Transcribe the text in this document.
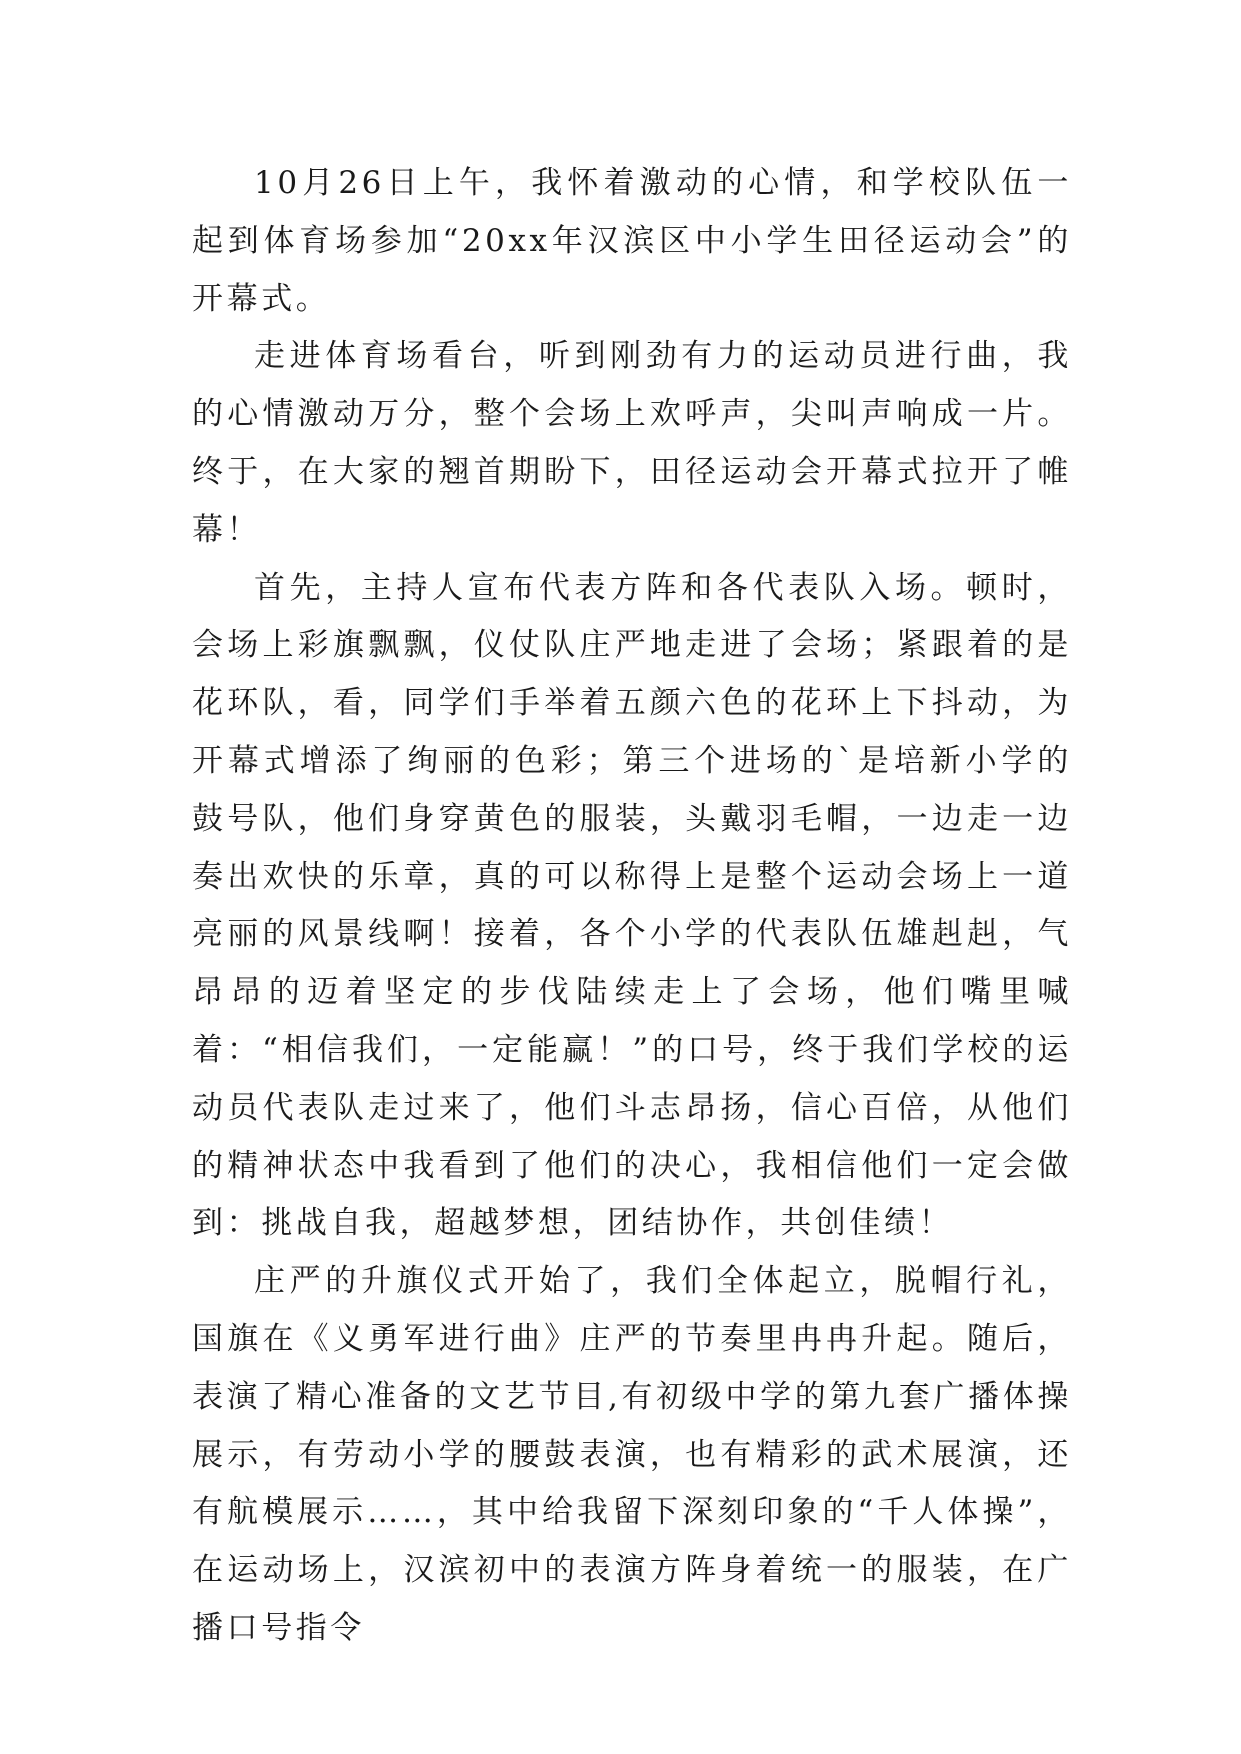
10月26日上午，我怀着激动的心情，和学校队伍一起到体育场参加“20xx年汉滨区中小学生田径运动会”的开幕式。

走进体育场看台，听到刚劲有力的运动员进行曲，我的心情激动万分，整个会场上欢呼声，尖叫声响成一片。终于，在大家的翘首期盼下，田径运动会开幕式拉开了帷幕！

首先，主持人宣布代表方阵和各代表队入场。顿时，会场上彩旗飘飘，仪仗队庄严地走进了会场；紧跟着的是花环队，看，同学们手举着五颜六色的花环上下抖动，为开幕式增添了绚丽的色彩；第三个进场的`是培新小学的鼓号队，他们身穿黄色的服装，头戴羽毛帽，一边走一边奏出欢快的乐章，真的可以称得上是整个运动会场上一道亮丽的风景线啊！接着，各个小学的代表队伍雄赳赳，气昂昂的迈着坚定的步伐陆续走上了会场，他们嘴里喊着：“相信我们，一定能赢！”的口号，终于我们学校的运动员代表队走过来了，他们斗志昂扬，信心百倍，从他们的精神状态中我看到了他们的决心，我相信他们一定会做到：挑战自我，超越梦想，团结协作，共创佳绩！

庄严的升旗仪式开始了，我们全体起立，脱帽行礼，国旗在《义勇军进行曲》庄严的节奏里冉冉升起。随后，表演了精心准备的文艺节目,有初级中学的第九套广播体操展示，有劳动小学的腰鼓表演，也有精彩的武术展演，还有航模展示……，其中给我留下深刻印象的“千人体操”，在运动场上，汉滨初中的表演方阵身着统一的服装，在广播口号指令
